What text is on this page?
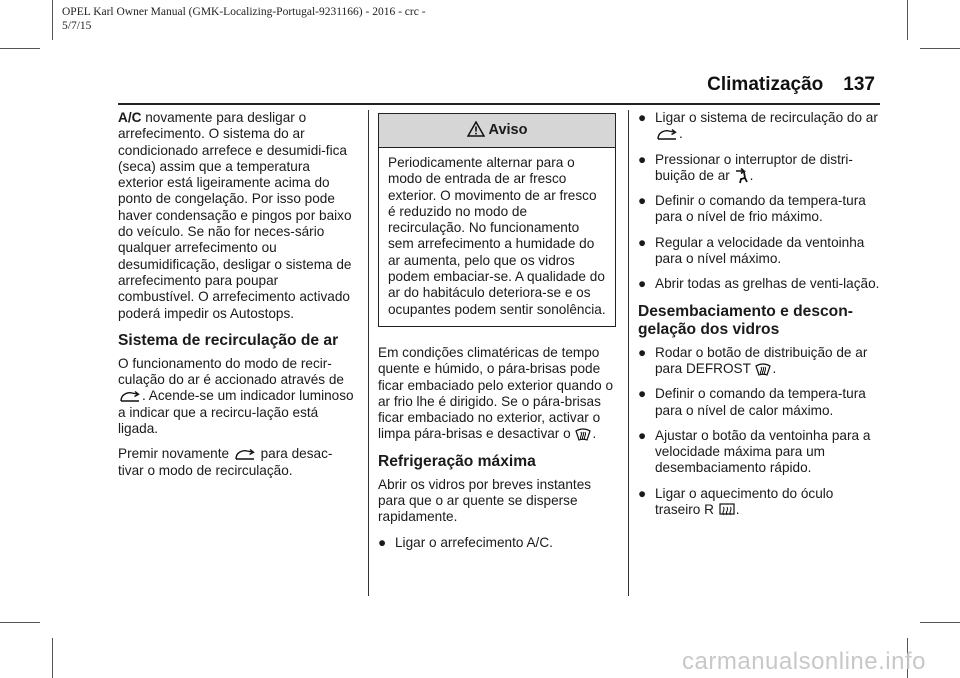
OPEL Karl Owner Manual (GMK-Localizing-Portugal-9231166) - 2016 - crc -
5/7/15
Climatização 137

A/C novamente para desligar o arrefecimento. O sistema do ar condicionado arrefece e desumidi-fica (seca) assim que a temperatura exterior está ligeiramente acima do ponto de congelação. Por isso pode haver condensação e pingos por baixo do veículo. Se não for neces-sário qualquer arrefecimento ou desumidificação, desligar o sistema de arrefecimento para poupar combustível. O arrefecimento activado poderá impedir os Autostops.

Sistema de recirculação de ar

O funcionamento do modo de recir-culação do ar é accionado através de . Acende-se um indicador luminoso a indicar que a recircu-lação está ligada.

Premir novamente  para desac-tivar o modo de recirculação.

Aviso
Periodicamente alternar para o modo de entrada de ar fresco exterior. O movimento de ar fresco é reduzido no modo de recirculação. No funcionamento sem arrefecimento a humidade do ar aumenta, pelo que os vidros podem embaciar-se. A qualidade do ar do habitáculo deteriora-se e os ocupantes podem sentir sonolência.

Em condições climatéricas de tempo quente e húmido, o pára-brisas pode ficar embaciado pelo exterior quando o ar frio lhe é dirigido. Se o pára-brisas ficar embaciado no exterior, activar o limpa pára-brisas e desactivar o .

Refrigeração máxima

Abrir os vidros por breves instantes para que o ar quente se disperse rapidamente.

● Ligar o arrefecimento A/C.
● Ligar o sistema de recirculação do ar .
● Pressionar o interruptor de distri-buição de ar .
● Definir o comando da tempera-tura para o nível de frio máximo.
● Regular a velocidade da ventoinha para o nível máximo.
● Abrir todas as grelhas de venti-lação.
Desembaciamento e descon-gelação dos vidros
● Rodar o botão de distribuição de ar para DEFROST .
● Definir o comando da tempera-tura para o nível de calor máximo.
● Ajustar o botão da ventoinha para a velocidade máxima para um desembaciamento rápido.
● Ligar o aquecimento do óculo traseiro R .
carmanualsonline.info
